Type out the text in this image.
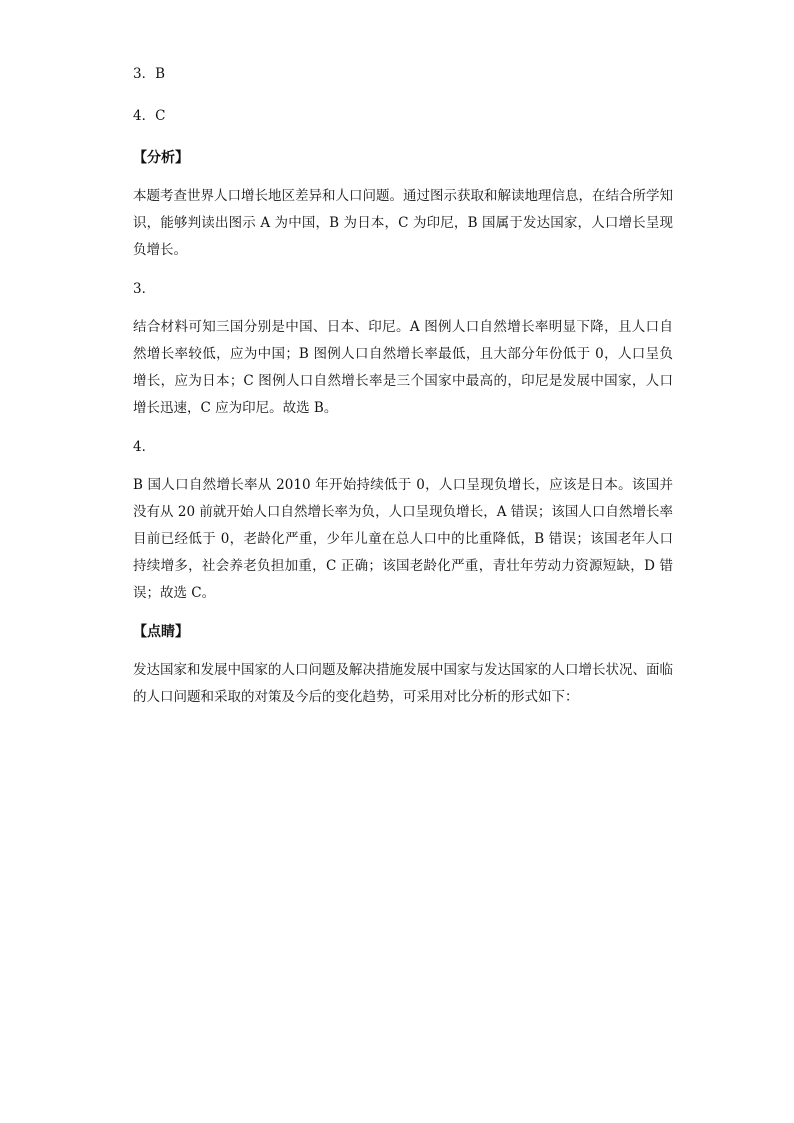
3．B
4．C
【分析】

本题考查世界人口增长地区差异和人口问题。通过图示获取和解读地理信息，在结合所学知识，能够判读出图示 A 为中国，B 为日本，C 为印尼，B 国属于发达国家，人口增长呈现负增长。

3．

结合材料可知三国分别是中国、日本、印尼。A 图例人口自然增长率明显下降，且人口自然增长率较低，应为中国；B 图例人口自然增长率最低，且大部分年份低于 0，人口呈负增长，应为日本；C 图例人口自然增长率是三个国家中最高的，印尼是发展中国家，人口增长迅速，C 应为印尼。故选 B。

4．

B 国人口自然增长率从 2010 年开始持续低于 0，人口呈现负增长，应该是日本。该国并没有从 20 前就开始人口自然增长率为负，人口呈现负增长，A 错误；该国人口自然增长率目前已经低于 0，老龄化严重，少年儿童在总人口中的比重降低，B 错误；该国老年人口持续增多，社会养老负担加重，C 正确；该国老龄化严重，青壮年劳动力资源短缺，D 错误；故选 C。

【点睛】

发达国家和发展中国家的人口问题及解决措施发展中国家与发达国家的人口增长状况、面临的人口问题和采取的对策及今后的变化趋势，可采用对比分析的形式如下：
